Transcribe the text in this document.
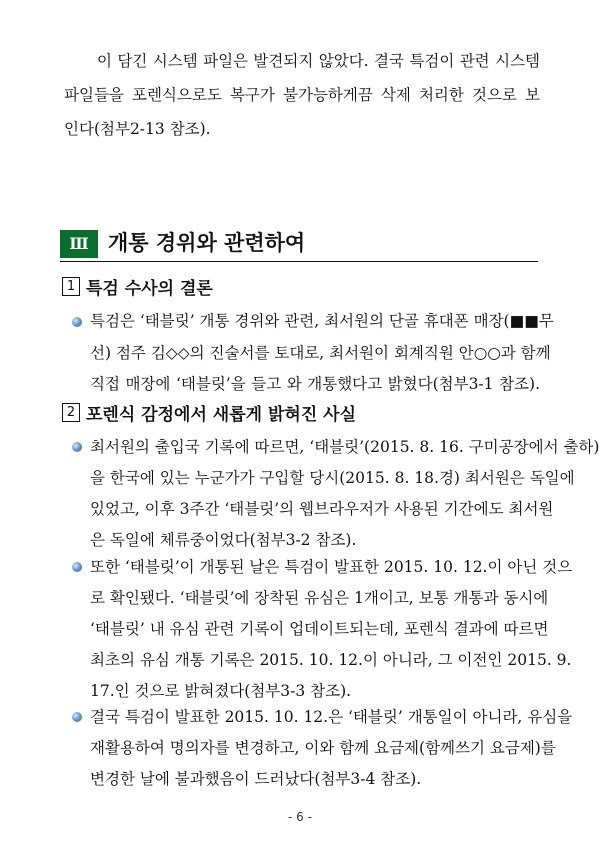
이 담긴 시스템 파일은 발견되지 않았다. 결국 특검이 관련 시스템
파일들을 포렌식으로도 복구가 불가능하게끔 삭제 처리한 것으로 보
인다(첨부2-13 참조).
Ⅲ 개통 경위와 관련하여
1 특검 수사의 결론
특검은 ‘태블릿’ 개통 경위와 관련, 최서원의 단골 휴대폰 매장(■■무
선) 점주 김◇◇의 진술서를 토대로, 최서원이 회계직원 안○○과 함께
직접 매장에 ‘태블릿’을 들고 와 개통했다고 밝혔다(첨부3-1 참조).
2 포렌식 감정에서 새롭게 밝혀진 사실
최서원의 출입국 기록에 따르면, ‘태블릿’(2015. 8. 16. 구미공장에서 출하)
을 한국에 있는 누군가가 구입할 당시(2015. 8. 18.경) 최서원은 독일에
있었고, 이후 3주간 ‘태블릿’의 웹브라우저가 사용된 기간에도 최서원
은 독일에 체류중이었다(첨부3-2 참조).
또한 ‘태블릿’이 개통된 날은 특검이 발표한 2015. 10. 12.이 아닌 것으
로 확인됐다. ‘태블릿’에 장착된 유심은 1개이고, 보통 개통과 동시에
‘태블릿’ 내 유심 관련 기록이 업데이트되는데, 포렌식 결과에 따르면
최초의 유심 개통 기록은 2015. 10. 12.이 아니라, 그 이전인 2015. 9.
17.인 것으로 밝혀졌다(첨부3-3 참조).
결국 특검이 발표한 2015. 10. 12.은 ‘태블릿’ 개통일이 아니라, 유심을
재활용하여 명의자를 변경하고, 이와 함께 요금제(함께쓰기 요금제)를
변경한 날에 불과했음이 드러났다(첨부3-4 참조).
- 6 -
